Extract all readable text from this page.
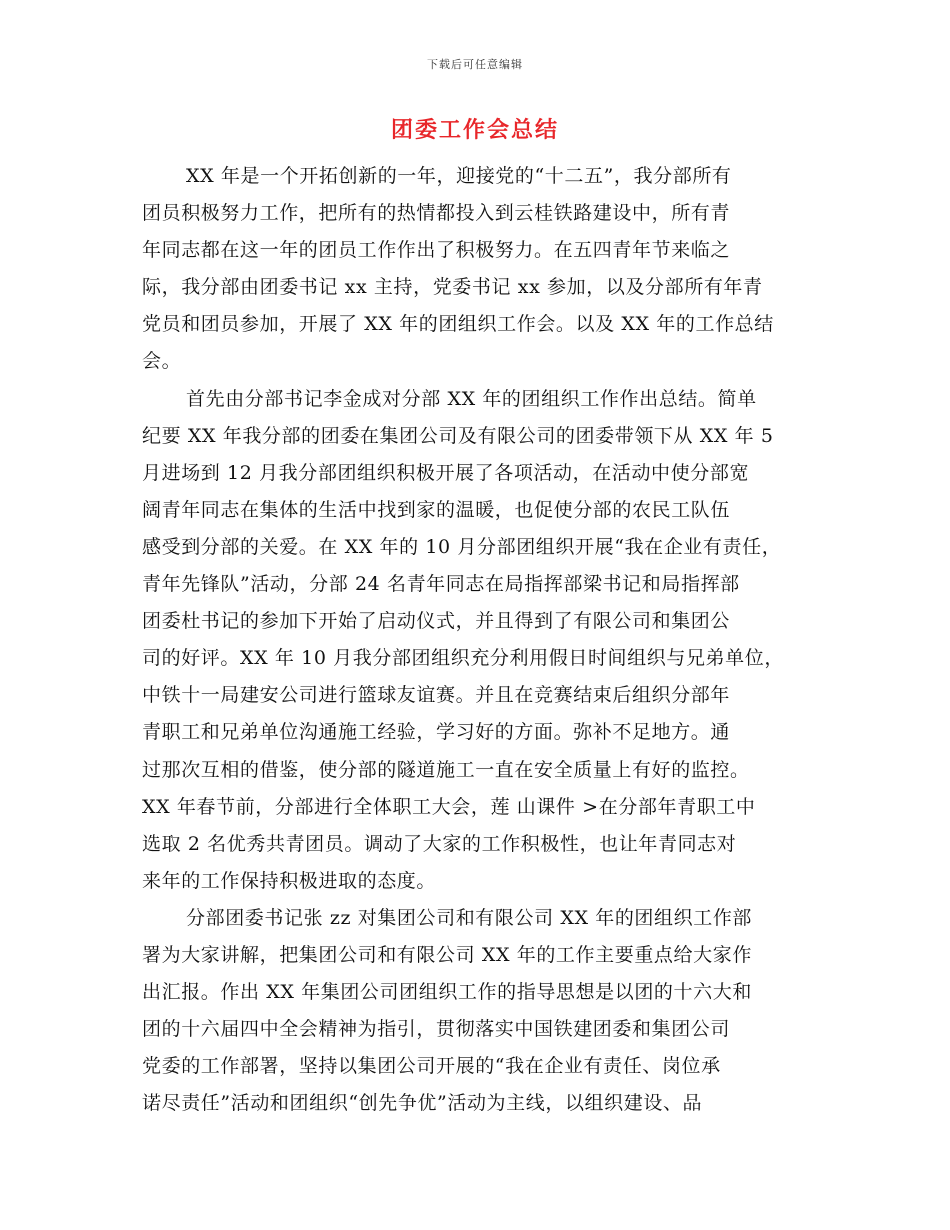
下载后可任意编辑
团委工作会总结
XX 年是一个开拓创新的一年，迎接党的“十二五”，我分部所有
团员积极努力工作，把所有的热情都投入到云桂铁路建设中，所有青
年同志都在这一年的团员工作作出了积极努力。在五四青年节来临之
际，我分部由团委书记 xx 主持，党委书记 xx 参加，以及分部所有年青
党员和团员参加，开展了 XX 年的团组织工作会。以及 XX 年的工作总结
会。
首先由分部书记李金成对分部 XX 年的团组织工作作出总结。简单
纪要 XX 年我分部的团委在集团公司及有限公司的团委带领下从 XX 年 5
月进场到 12 月我分部团组织积极开展了各项活动，在活动中使分部宽
阔青年同志在集体的生活中找到家的温暖，也促使分部的农民工队伍
感受到分部的关爱。在 XX 年的 10 月分部团组织开展“我在企业有责任，
青年先锋队”活动，分部 24 名青年同志在局指挥部梁书记和局指挥部
团委杜书记的参加下开始了启动仪式，并且得到了有限公司和集团公
司的好评。XX 年 10 月我分部团组织充分利用假日时间组织与兄弟单位，
中铁十一局建安公司进行篮球友谊赛。并且在竞赛结束后组织分部年
青职工和兄弟单位沟通施工经验，学习好的方面。弥补不足地方。通
过那次互相的借鉴，使分部的隧道施工一直在安全质量上有好的监控。
XX 年春节前，分部进行全体职工大会，莲 山课件 >在分部年青职工中
选取 2 名优秀共青团员。调动了大家的工作积极性，也让年青同志对
来年的工作保持积极进取的态度。
分部团委书记张 zz 对集团公司和有限公司 XX 年的团组织工作部
署为大家讲解，把集团公司和有限公司 XX 年的工作主要重点给大家作
出汇报。作出 XX 年集团公司团组织工作的指导思想是以团的十六大和
团的十六届四中全会精神为指引，贯彻落实中国铁建团委和集团公司
党委的工作部署，坚持以集团公司开展的“我在企业有责任、岗位承
诺尽责任”活动和团组织“创先争优”活动为主线，以组织建设、品
